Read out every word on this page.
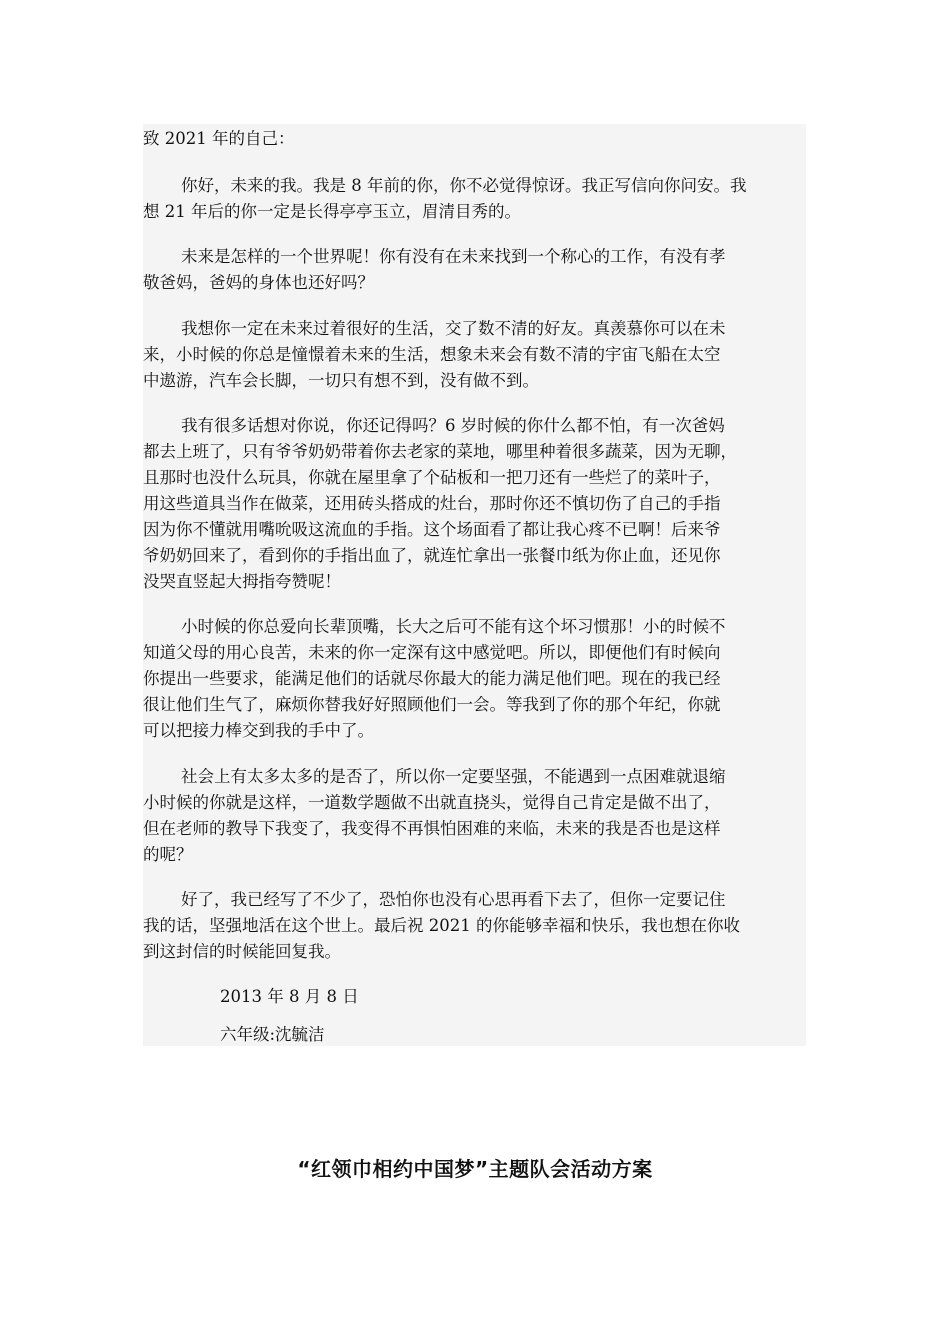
致 2021 年的自己：
你好，未来的我。我是 8 年前的你，你不必觉得惊讶。我正写信向你问安。我
想 21 年后的你一定是长得亭亭玉立，眉清目秀的。
未来是怎样的一个世界呢！你有没有在未来找到一个称心的工作，有没有孝
敬爸妈，爸妈的身体也还好吗？
我想你一定在未来过着很好的生活，交了数不清的好友。真羡慕你可以在未
来，小时候的你总是憧憬着未来的生活，想象未来会有数不清的宇宙飞船在太空
中遨游，汽车会长脚，一切只有想不到，没有做不到。
我有很多话想对你说，你还记得吗？6 岁时候的你什么都不怕，有一次爸妈
都去上班了，只有爷爷奶奶带着你去老家的菜地，哪里种着很多蔬菜，因为无聊，
且那时也没什么玩具，你就在屋里拿了个砧板和一把刀还有一些烂了的菜叶子，
用这些道具当作在做菜，还用砖头搭成的灶台，那时你还不慎切伤了自己的手指
因为你不懂就用嘴吮吸这流血的手指。这个场面看了都让我心疼不已啊！后来爷
爷奶奶回来了，看到你的手指出血了，就连忙拿出一张餐巾纸为你止血，还见你
没哭直竖起大拇指夸赞呢！
小时候的你总爱向长辈顶嘴，长大之后可不能有这个坏习惯那！小的时候不
知道父母的用心良苦，未来的你一定深有这中感觉吧。所以，即便他们有时候向
你提出一些要求，能满足他们的话就尽你最大的能力满足他们吧。现在的我已经
很让他们生气了，麻烦你替我好好照顾他们一会。等我到了你的那个年纪，你就
可以把接力棒交到我的手中了。
社会上有太多太多的是否了，所以你一定要坚强，不能遇到一点困难就退缩
小时候的你就是这样，一道数学题做不出就直挠头，觉得自己肯定是做不出了，
但在老师的教导下我变了，我变得不再惧怕困难的来临，未来的我是否也是这样
的呢？
好了，我已经写了不少了，恐怕你也没有心思再看下去了，但你一定要记住
我的话，坚强地活在这个世上。最后祝 2021 的你能够幸福和快乐，我也想在你收
到这封信的时候能回复我。
2013 年 8 月 8 日
六年级:沈毓洁
“红领巾相约中国梦”主题队会活动方案
